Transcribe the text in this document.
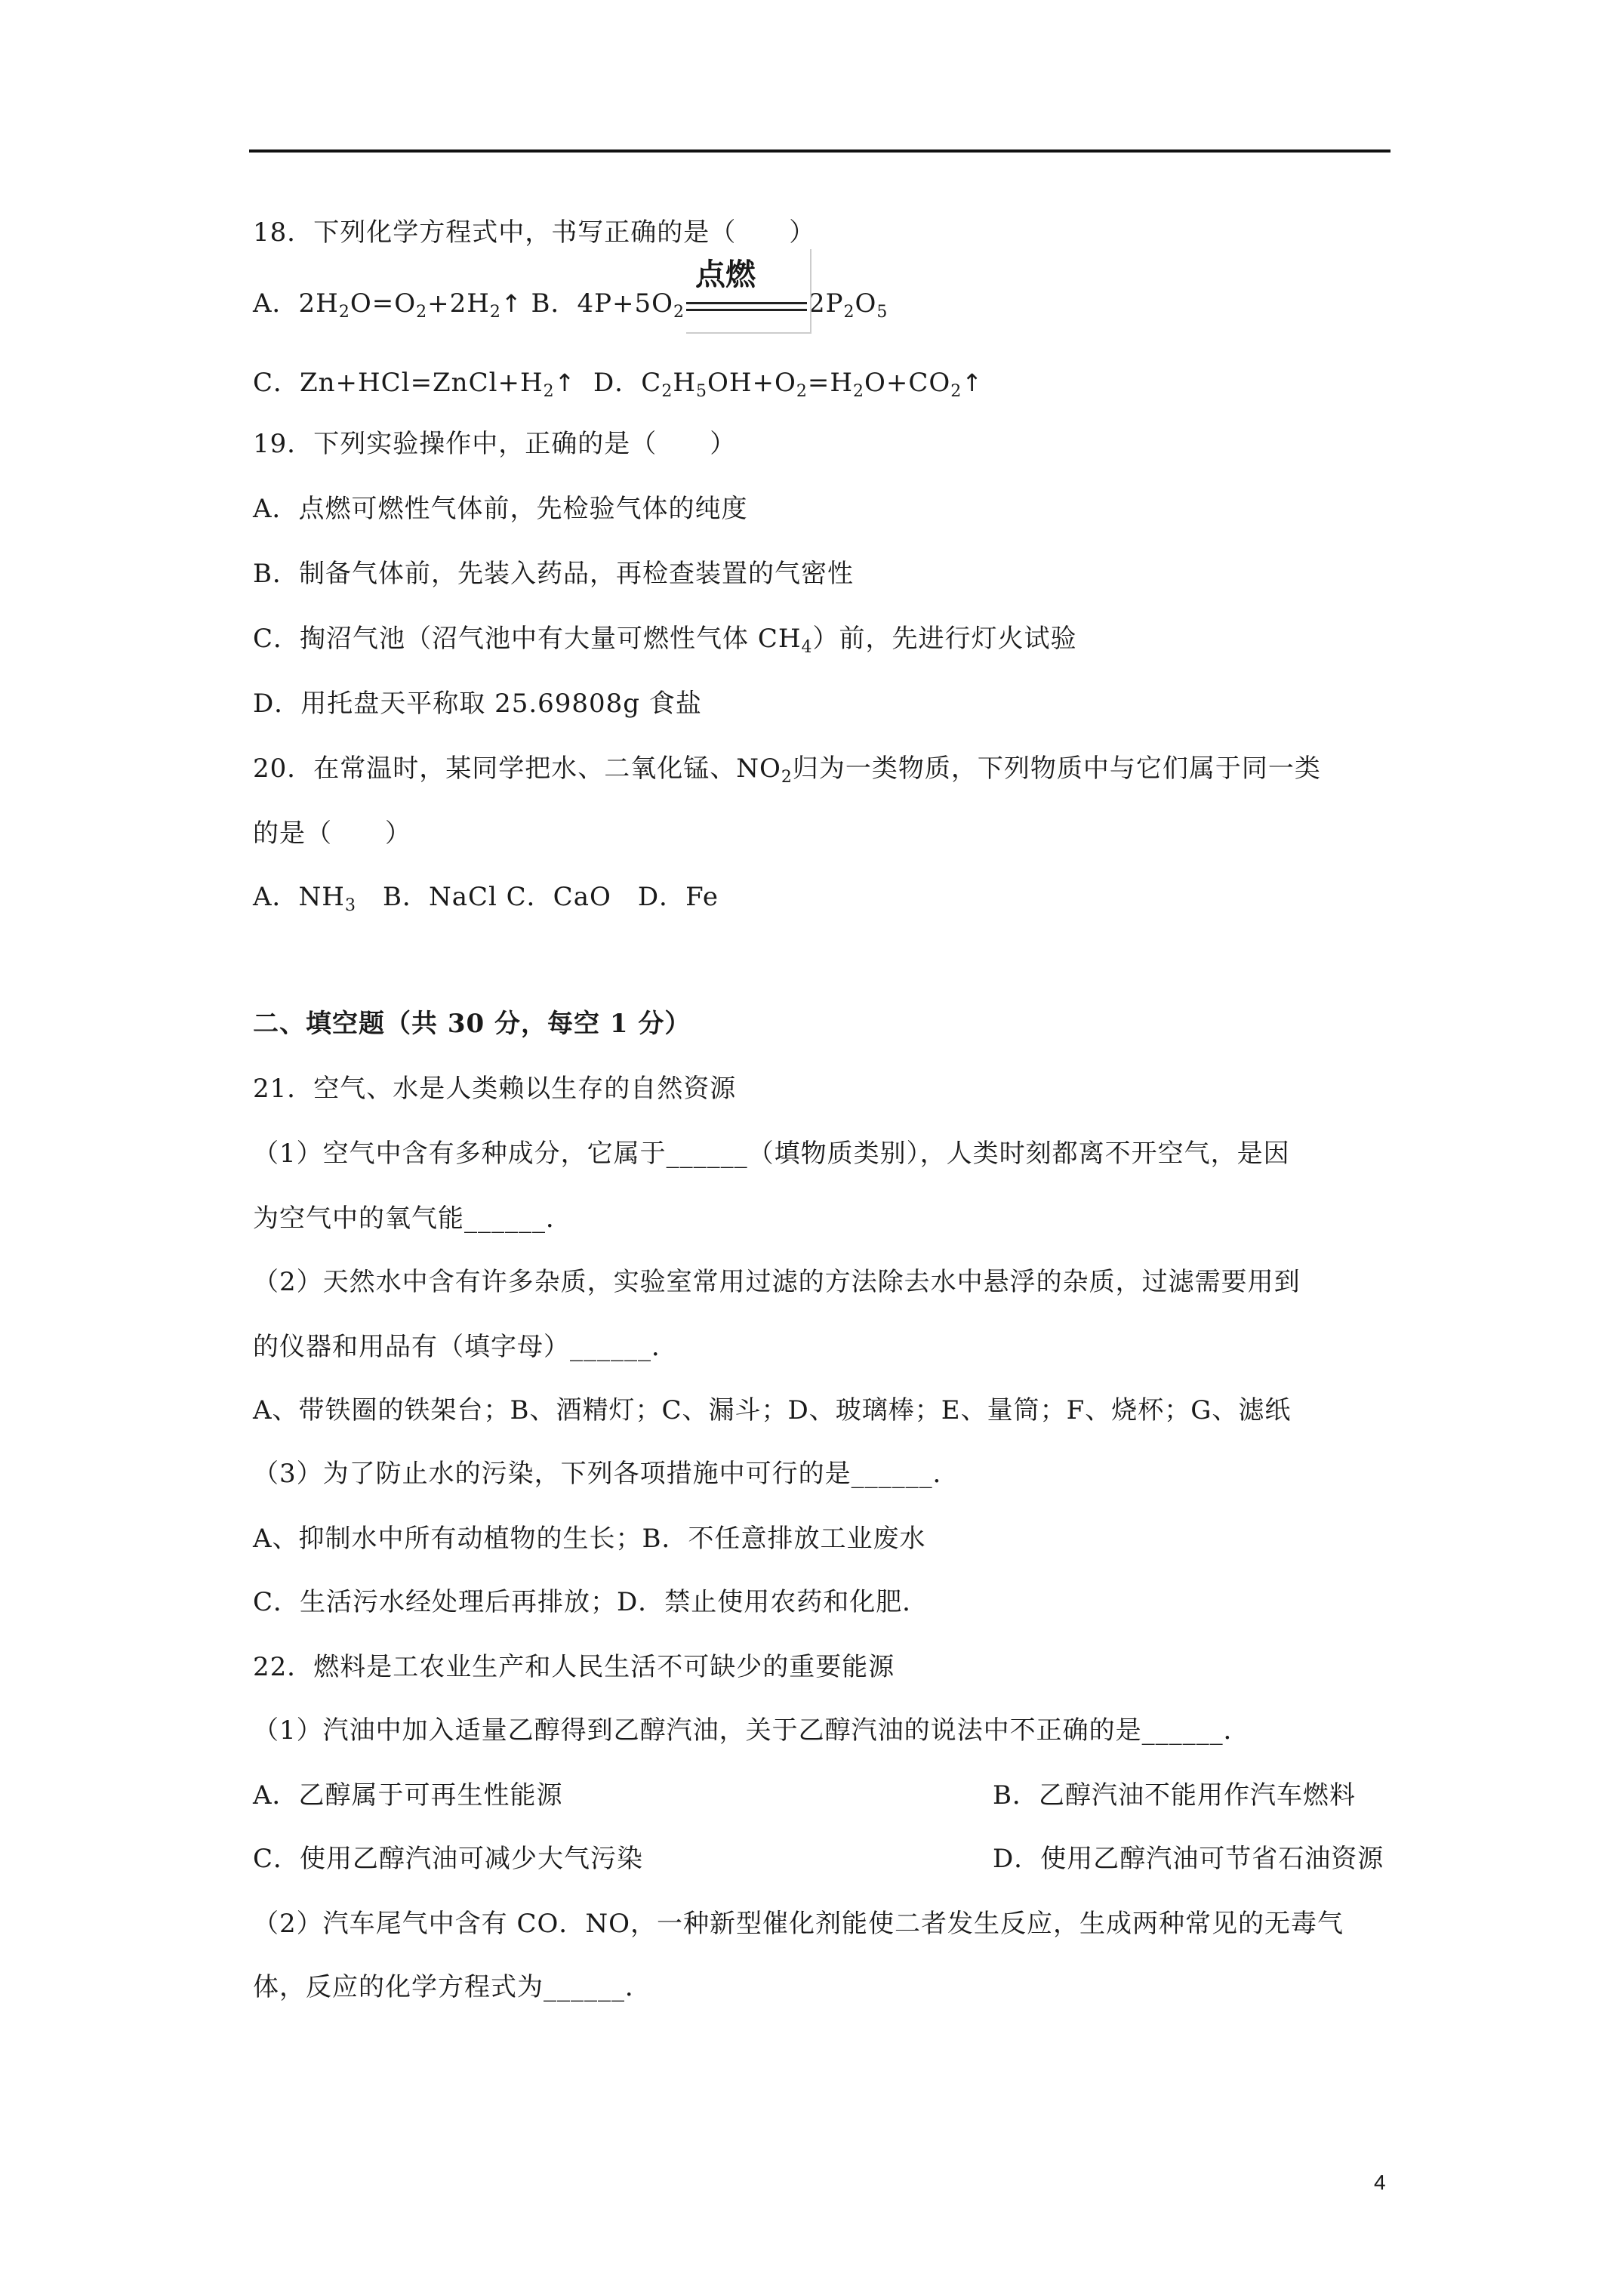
18．下列化学方程式中，书写正确的是（　　）
A．$2H_2O=O_2+2H_2↑$ B．$4P+5O_2$
点燃
$2P_2O_5$
C．$Zn+HCl=ZnCl+H_2↑$ D．$C_2H_5OH+O_2=H_2O+CO_2↑$
19．下列实验操作中，正确的是（　　）
A．点燃可燃性气体前，先检验气体的纯度
B．制备气体前，先装入药品，再检查装置的气密性
C．掏沼气池（沼气池中有大量可燃性气体 $CH_4$）前，先进行灯火试验
D．用托盘天平称取 25.69808g 食盐
20．在常温时，某同学把水、二氧化锰、$NO_2$归为一类物质，下列物质中与它们属于同一类
的是（　　）
A．$NH_3$　B．NaCl C．CaO　D．Fe
二、填空题（共 30 分，每空 1 分）
21．空气、水是人类赖以生存的自然资源
（1）空气中含有多种成分，它属于______（填物质类别），人类时刻都离不开空气，是因
为空气中的氧气能______．
（2）天然水中含有许多杂质，实验室常用过滤的方法除去水中悬浮的杂质，过滤需要用到
的仪器和用品有（填字母）______．
A、带铁圈的铁架台；B、酒精灯；C、漏斗；D、玻璃棒；E、量筒；F、烧杯；G、滤纸
（3）为了防止水的污染，下列各项措施中可行的是______．
A、抑制水中所有动植物的生长；B．不任意排放工业废水
C．生活污水经处理后再排放；D．禁止使用农药和化肥．
22．燃料是工农业生产和人民生活不可缺少的重要能源
（1）汽油中加入适量乙醇得到乙醇汽油，关于乙醇汽油的说法中不正确的是______．
A．乙醇属于可再生性能源	B．乙醇汽油不能用作汽车燃料
C．使用乙醇汽油可减少大气污染	D．使用乙醇汽油可节省石油资源
（2）汽车尾气中含有 CO．NO，一种新型催化剂能使二者发生反应，生成两种常见的无毒气
体，反应的化学方程式为______．
4
